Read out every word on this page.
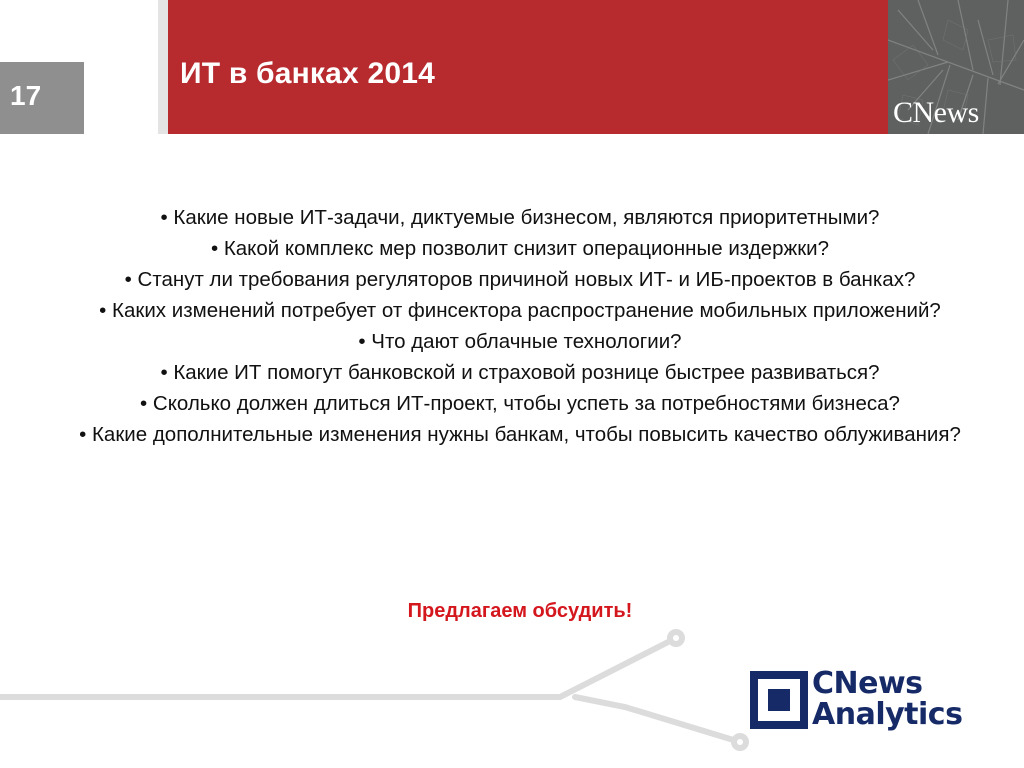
ИТ в банках 2014
17
CNews
• Какие новые ИТ-задачи, диктуемые бизнесом, являются приоритетными?
• Какой комплекс мер позволит снизит операционные издержки?
• Станут ли требования регуляторов причиной новых ИТ- и ИБ-проектов в банках?
• Каких изменений потребует от финсектора распространение мобильных приложений?
• Что дают облачные технологии?
• Какие ИТ помогут банковской и страховой рознице быстрее развиваться?
• Сколько должен длиться ИТ-проект, чтобы успеть за потребностями бизнеса?
• Какие дополнительные изменения нужны банкам, чтобы повысить качество облуживания?
Предлагаем обсудить!
CNews
Analytics
